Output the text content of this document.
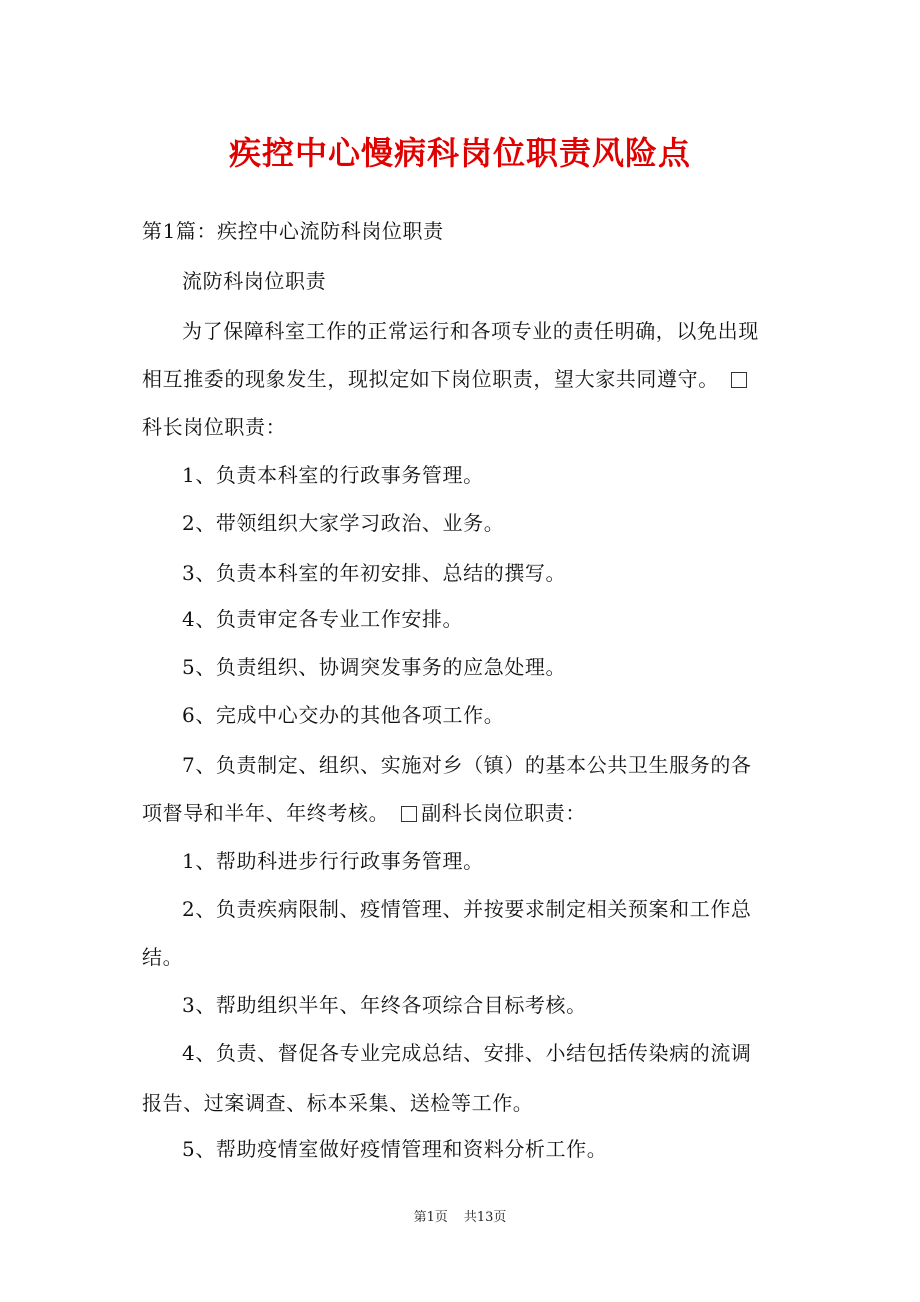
疾控中心慢病科岗位职责风险点
第1篇：疾控中心流防科岗位职责
流防科岗位职责
为了保障科室工作的正常运行和各项专业的责任明确，以免出现
相互推委的现象发生，现拟定如下岗位职责，望大家共同遵守。
科长岗位职责：
1、负责本科室的行政事务管理。
2、带领组织大家学习政治、业务。
3、负责本科室的年初安排、总结的撰写。
4、负责审定各专业工作安排。
5、负责组织、协调突发事务的应急处理。
6、完成中心交办的其他各项工作。
7、负责制定、组织、实施对乡（镇）的基本公共卫生服务的各
项督导和半年、年终考核。 副科长岗位职责：
1、帮助科进步行行政事务管理。
2、负责疾病限制、疫情管理、并按要求制定相关预案和工作总
结。
3、帮助组织半年、年终各项综合目标考核。
4、负责、督促各专业完成总结、安排、小结包括传染病的流调
报告、过案调查、标本采集、送检等工作。
5、帮助疫情室做好疫情管理和资料分析工作。
第1页 共13页
